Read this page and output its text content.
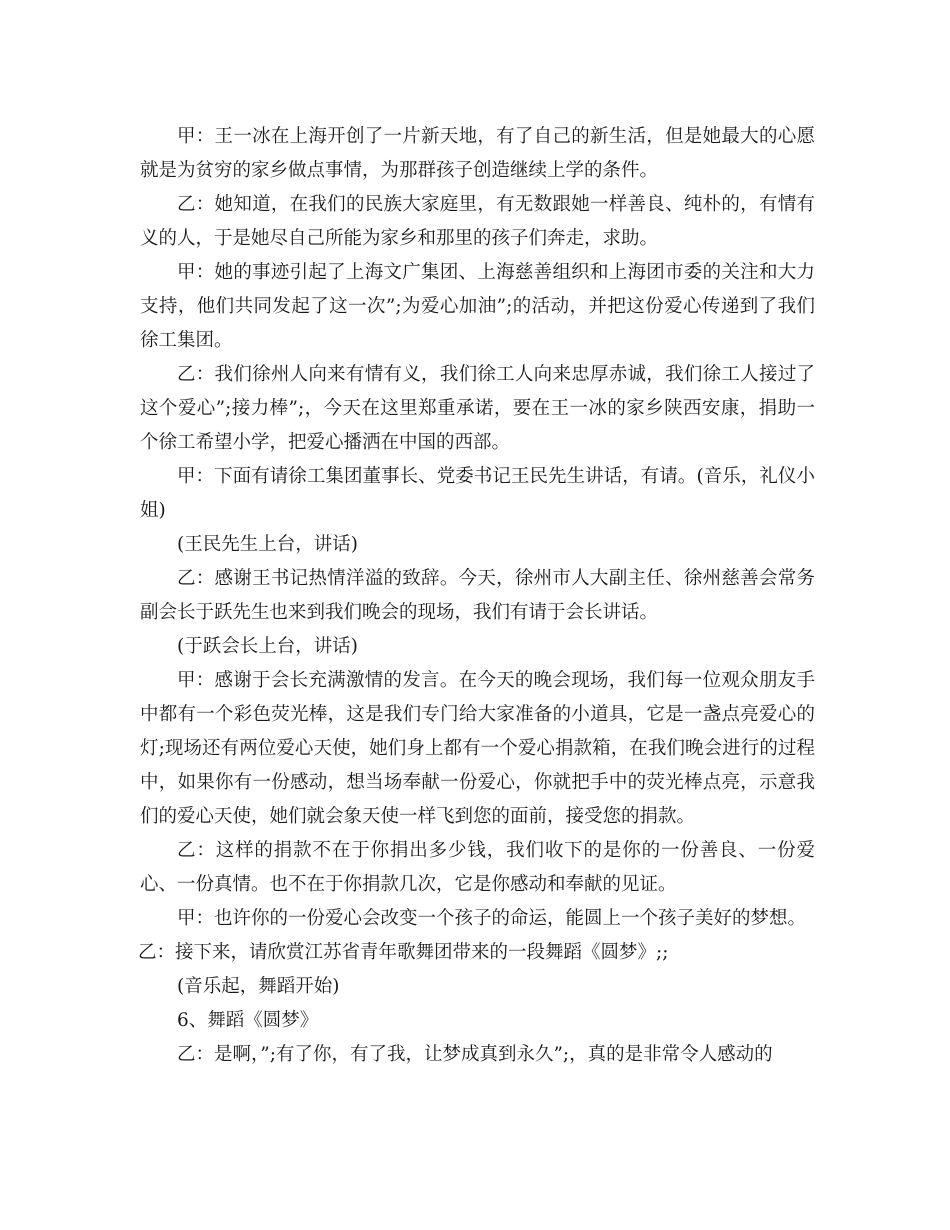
甲：王一冰在上海开创了一片新天地，有了自己的新生活，但是她最大的心愿就是为贫穷的家乡做点事情，为那群孩子创造继续上学的条件。

乙：她知道，在我们的民族大家庭里，有无数跟她一样善良、纯朴的，有情有义的人，于是她尽自己所能为家乡和那里的孩子们奔走，求助。

甲：她的事迹引起了上海文广集团、上海慈善组织和上海团市委的关注和大力支持，他们共同发起了这一次”;为爱心加油”;的活动，并把这份爱心传递到了我们徐工集团。

乙：我们徐州人向来有情有义，我们徐工人向来忠厚赤诚，我们徐工人接过了这个爱心”;接力棒”;，今天在这里郑重承诺，要在王一冰的家乡陕西安康，捐助一个徐工希望小学，把爱心播洒在中国的西部。

甲：下面有请徐工集团董事长、党委书记王民先生讲话，有请。(音乐，礼仪小姐)

(王民先生上台，讲话)

乙：感谢王书记热情洋溢的致辞。今天，徐州市人大副主任、徐州慈善会常务副会长于跃先生也来到我们晚会的现场，我们有请于会长讲话。

(于跃会长上台，讲话)

甲：感谢于会长充满激情的发言。在今天的晚会现场，我们每一位观众朋友手中都有一个彩色荧光棒，这是我们专门给大家准备的小道具，它是一盏点亮爱心的灯;现场还有两位爱心天使，她们身上都有一个爱心捐款箱，在我们晚会进行的过程中，如果你有一份感动，想当场奉献一份爱心，你就把手中的荧光棒点亮，示意我们的爱心天使，她们就会象天使一样飞到您的面前，接受您的捐款。

乙：这样的捐款不在于你捐出多少钱，我们收下的是你的一份善良、一份爱心、一份真情。也不在于你捐款几次，它是你感动和奉献的见证。

甲：也许你的一份爱心会改变一个孩子的命运，能圆上一个孩子美好的梦想。

乙：接下来，请欣赏江苏省青年歌舞团带来的一段舞蹈《圆梦》;;

(音乐起，舞蹈开始)

6、舞蹈《圆梦》

乙：是啊，”;有了你，有了我，让梦成真到永久”;，真的是非常令人感动的
